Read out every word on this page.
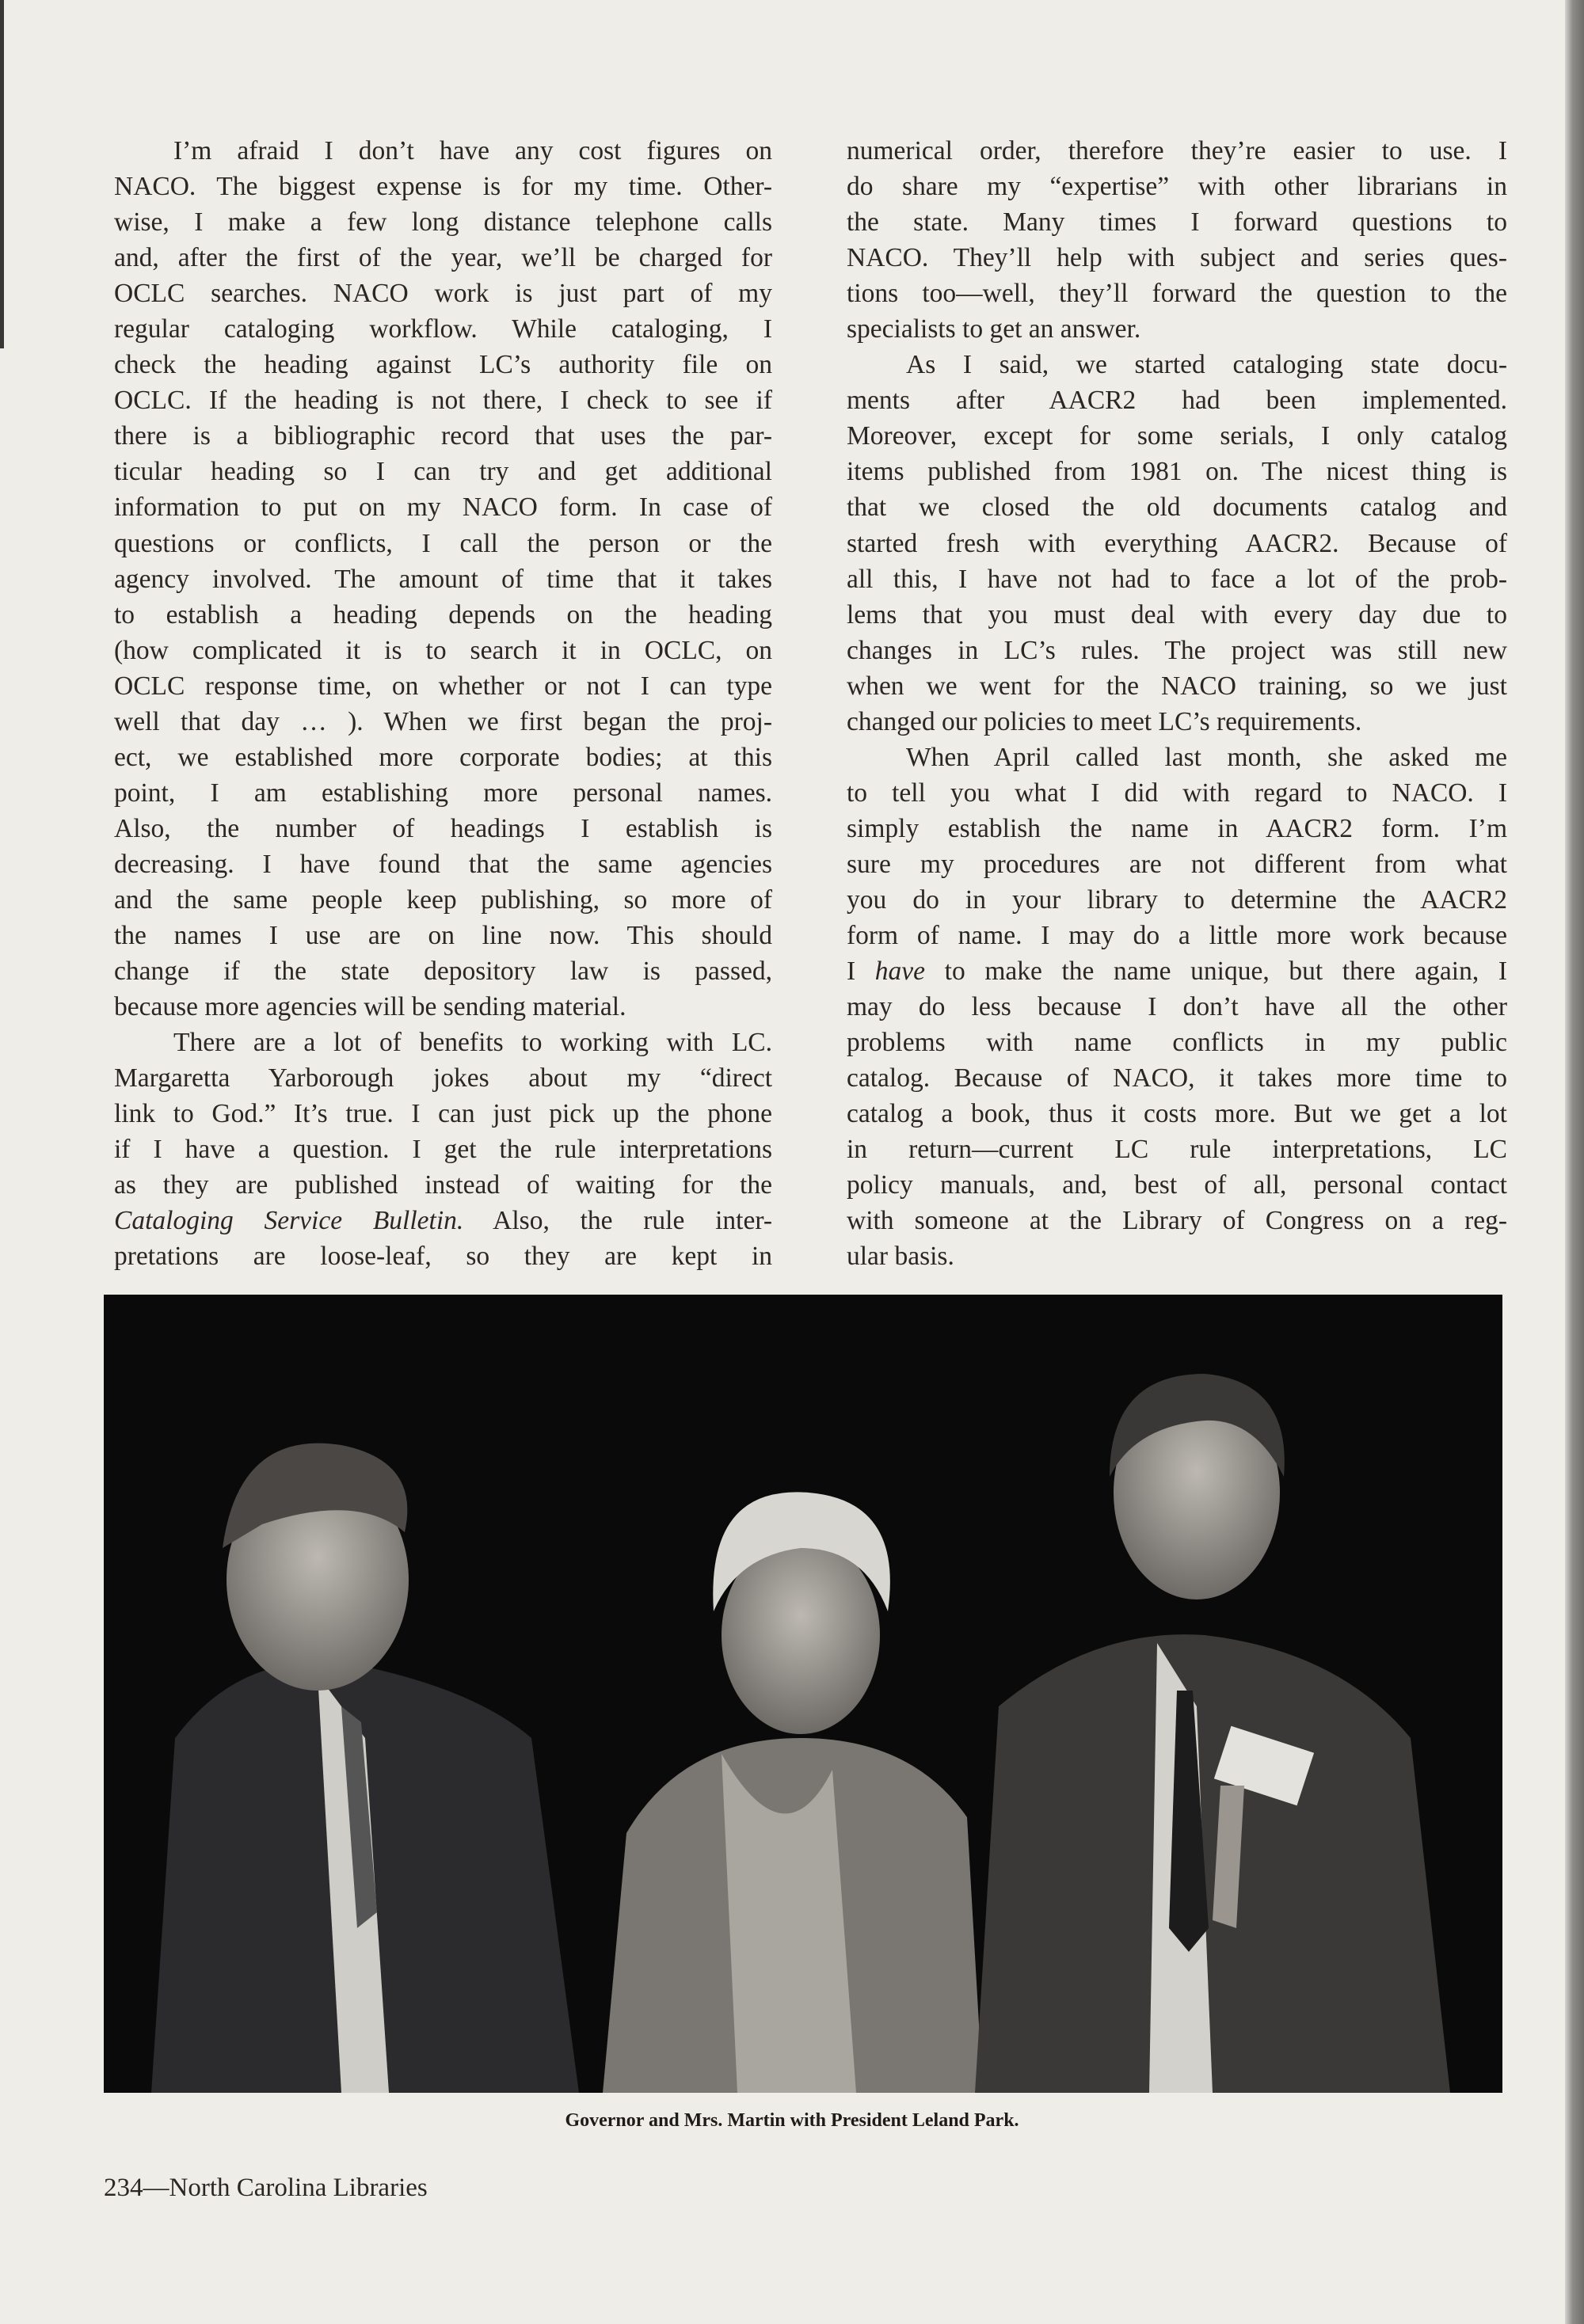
I’m afraid I don’t have any cost figures on
NACO. The biggest expense is for my time. Other-
wise, I make a few long distance telephone calls
and, after the first of the year, we’ll be charged for
OCLC searches. NACO work is just part of my
regular cataloging workflow. While cataloging, I
check the heading against LC’s authority file on
OCLC. If the heading is not there, I check to see if
there is a bibliographic record that uses the par-
ticular heading so I can try and get additional
information to put on my NACO form. In case of
questions or conflicts, I call the person or the
agency involved. The amount of time that it takes
to establish a heading depends on the heading
(how complicated it is to search it in OCLC, on
OCLC response time, on whether or not I can type
well that day … ). When we first began the proj-
ect, we established more corporate bodies; at this
point, I am establishing more personal names.
Also, the number of headings I establish is
decreasing. I have found that the same agencies
and the same people keep publishing, so more of
the names I use are on line now. This should
change if the state depository law is passed,
because more agencies will be sending material.
There are a lot of benefits to working with LC.
Margaretta Yarborough jokes about my “direct
link to God.” It’s true. I can just pick up the phone
if I have a question. I get the rule interpretations
as they are published instead of waiting for the
Cataloging Service Bulletin. Also, the rule inter-
pretations are loose-leaf, so they are kept in
numerical order, therefore they’re easier to use. I
do share my “expertise” with other librarians in
the state. Many times I forward questions to
NACO. They’ll help with subject and series ques-
tions too—well, they’ll forward the question to the
specialists to get an answer.
As I said, we started cataloging state docu-
ments after AACR2 had been implemented.
Moreover, except for some serials, I only catalog
items published from 1981 on. The nicest thing is
that we closed the old documents catalog and
started fresh with everything AACR2. Because of
all this, I have not had to face a lot of the prob-
lems that you must deal with every day due to
changes in LC’s rules. The project was still new
when we went for the NACO training, so we just
changed our policies to meet LC’s requirements.
When April called last month, she asked me
to tell you what I did with regard to NACO. I
simply establish the name in AACR2 form. I’m
sure my procedures are not different from what
you do in your library to determine the AACR2
form of name. I may do a little more work because
I have to make the name unique, but there again, I
may do less because I don’t have all the other
problems with name conflicts in my public
catalog. Because of NACO, it takes more time to
catalog a book, thus it costs more. But we get a lot
in return—current LC rule interpretations, LC
policy manuals, and, best of all, personal contact
with someone at the Library of Congress on a reg-
ular basis.
Governor and Mrs. Martin with President Leland Park.
234—North Carolina Libraries
